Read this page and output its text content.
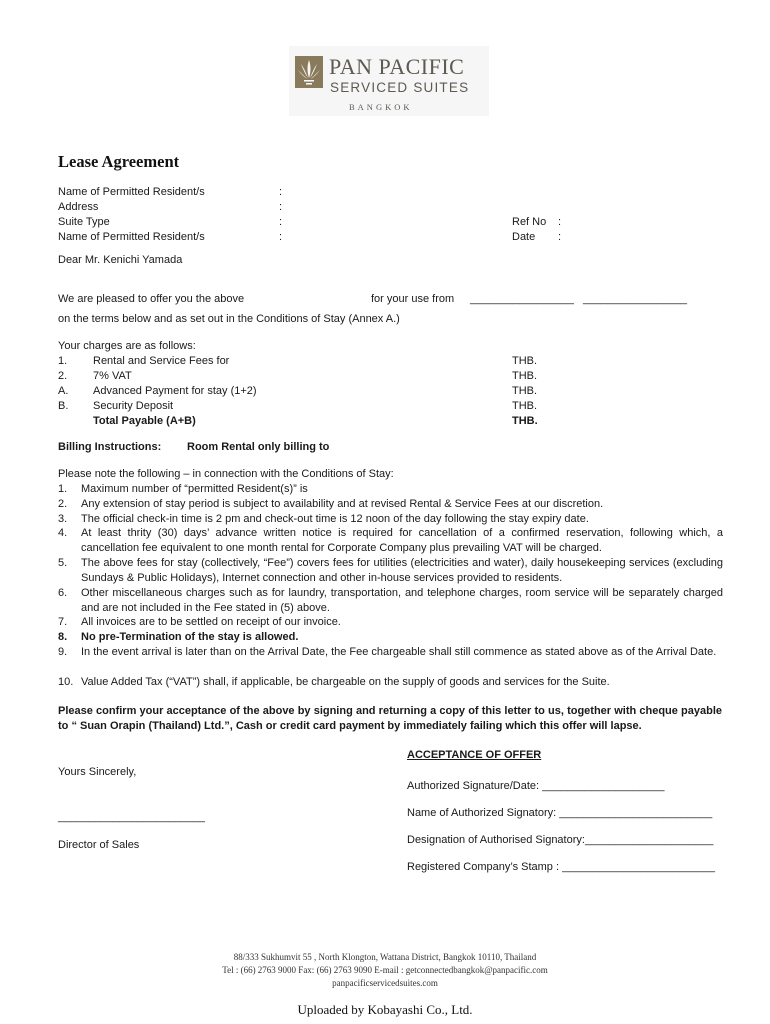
PAN PACIFIC
SERVICED SUITES
BANGKOK
Lease Agreement
Name of Permitted Resident/s	:
Address	:
Suite Type	:	Ref No :
Name of Permitted Resident/s	:	Date :
Dear Mr. Kenichi Yamada
We are pleased to offer you the above	for your use from _________________ _________________
on the terms below and as set out in the Conditions of Stay (Annex A.)
Your charges are as follows:
1. Rental and Service Fees for	THB.
2. 7% VAT	THB.
A. Advanced Payment for stay (1+2)	THB.
B. Security Deposit	THB.
Total Payable (A+B)	THB.
Billing Instructions: Room Rental only billing to
Please note the following – in connection with the Conditions of Stay:
1. Maximum number of “permitted Resident(s)” is
2. Any extension of stay period is subject to availability and at revised Rental & Service Fees at our discretion.
3. The official check-in time is 2 pm and check-out time is 12 noon of the day following the stay expiry date.
4. At least thrity (30) days’ advance written notice is required for cancellation of a confirmed reservation, following which, a cancellation fee equivalent to one month rental for Corporate Company plus prevailing VAT will be charged.
5. The above fees for stay (collectively, “Fee”) covers fees for utilities (electricities and water), daily housekeeping services (excluding Sundays & Public Holidays), Internet connection and other in-house services provided to residents.
6. Other miscellaneous charges such as for laundry, transportation, and telephone charges, room service will be separately charged and are not included in the Fee stated in (5) above.
7. All invoices are to be settled on receipt of our invoice.
8. No pre-Termination of the stay is allowed.
9. In the event arrival is later than on the Arrival Date, the Fee chargeable shall still commence as stated above as of the Arrival Date.
10. Value Added Tax (“VAT”) shall, if applicable, be chargeable on the supply of goods and services for the Suite.
Please confirm your acceptance of the above by signing and returning a copy of this letter to us, together with cheque payable to “ Suan Orapin (Thailand) Ltd.”, Cash or credit card payment by immediately failing which this offer will lapse.
Yours Sincerely,
________________________
Director of Sales
ACCEPTANCE OF OFFER
Authorized Signature/Date: ____________________
Name of Authorized Signatory: _________________________
Designation of Authorised Signatory:_____________________
Registered Company’s Stamp : _________________________
88/333 Sukhumvit 55 , North Klongton, Wattana District, Bangkok 10110, Thailand
Tel : (66) 2763 9000 Fax: (66) 2763 9090 E-mail : getconnectedbangkok@panpacific.com
panpacificservicedsuites.com
Uploaded by Kobayashi Co., Ltd.
